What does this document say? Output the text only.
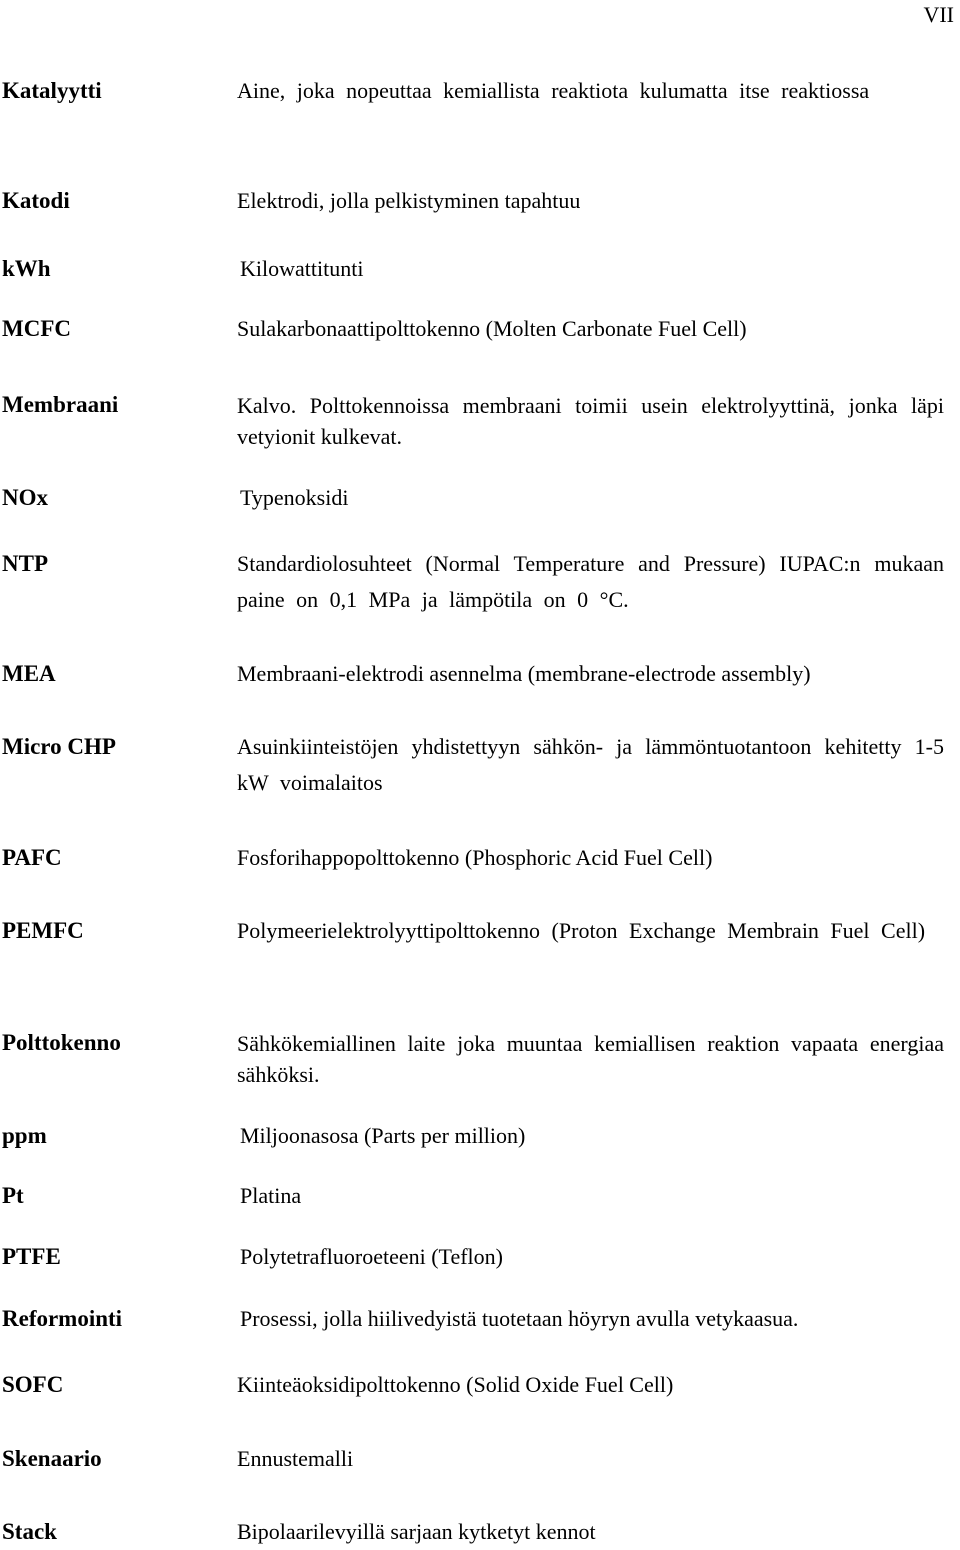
VII
Katalyytti	Aine, joka nopeuttaa kemiallista reaktiota kulumatta itse reaktiossa
Katodi	Elektrodi, jolla pelkistyminen tapahtuu
kWh	Kilowattitunti
MCFC	Sulakarbonaattipolttokenno (Molten Carbonate Fuel Cell)
Membraani	Kalvo. Polttokennoissa membraani toimii usein elektrolyyttinä, jonka läpi vetyionit kulkevat.
NOx	Typenoksidi
NTP	Standardiolosuhteet (Normal Temperature and Pressure) IUPAC:n mukaan paine on 0,1 MPa ja lämpötila on 0 °C.
MEA	Membraani-elektrodi asennelma (membrane-electrode assembly)
Micro CHP	Asuinkiinteistöjen yhdistettyyn sähkön- ja lämmöntuotantoon kehitetty 1-5 kW voimalaitos
PAFC	Fosforihappopolttokenno (Phosphoric Acid Fuel Cell)
PEMFC	Polymeerielektrolyyttipolttokenno (Proton Exchange Membrain Fuel Cell)
Polttokenno	Sähkökemiallinen laite joka muuntaa kemiallisen reaktion vapaata energiaa sähköksi.
ppm	Miljoonasosa (Parts per million)
Pt	Platina
PTFE	Polytetrafluoroeteeni (Teflon)
Reformointi	Prosessi, jolla hiilivedyistä tuotetaan höyryn avulla vetykaasua.
SOFC	Kiinteäoksidipolttokenno (Solid Oxide Fuel Cell)
Skenaario	Ennustemalli
Stack	Bipolaarilevyillä sarjaan kytketyt kennot
